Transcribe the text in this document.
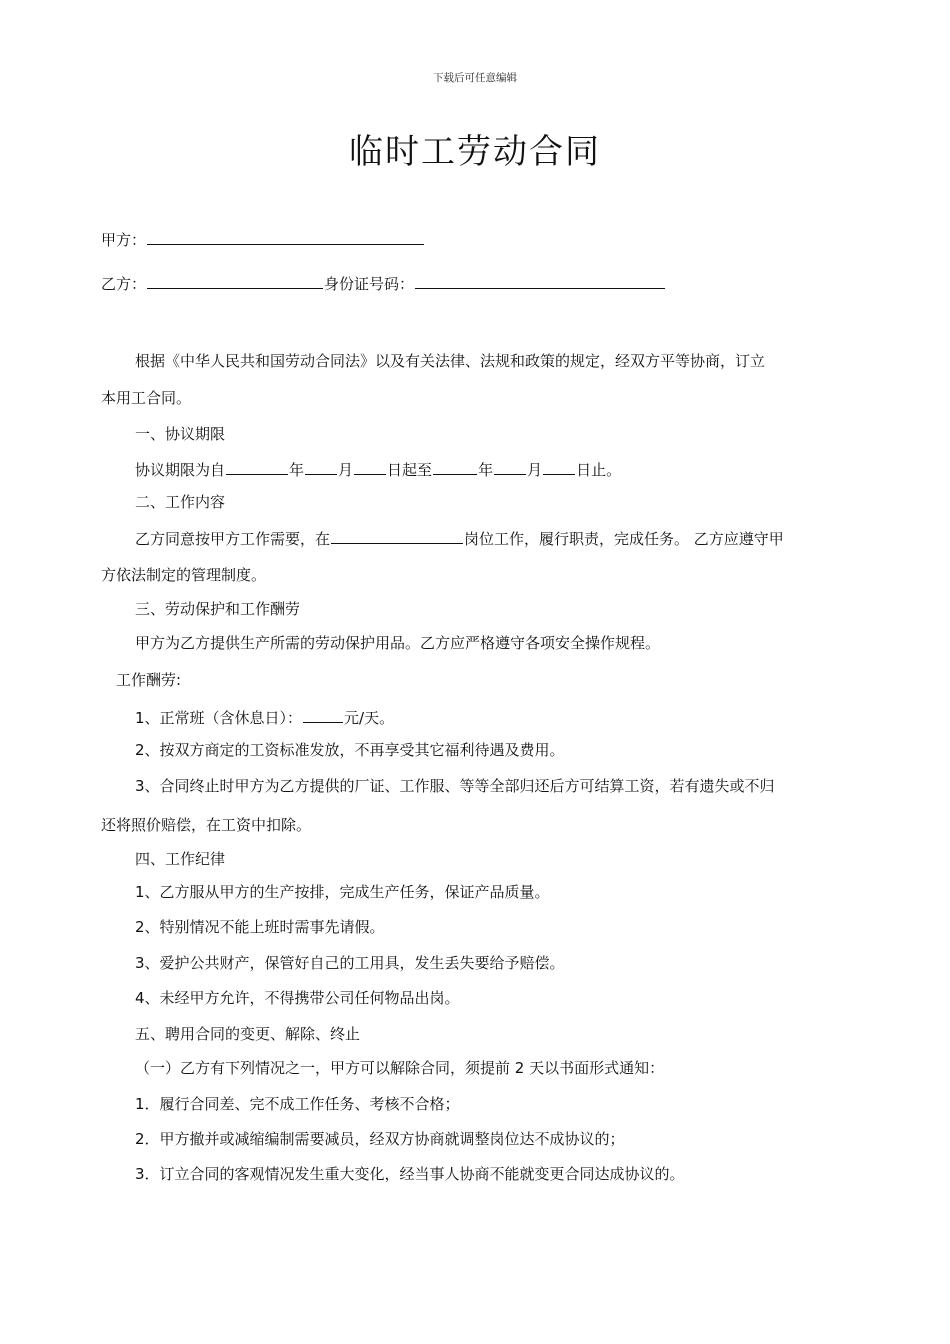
下载后可任意编辑
临时工劳动合同
甲方：
乙方：	身份证号码：
根据《中华人民共和国劳动合同法》以及有关法律、法规和政策的规定，经双方平等协商，订立
本用工合同。
一、协议期限
协议期限为自	年 月 日起至	年 月 日止。
二、工作内容
乙方同意按甲方工作需要，在	岗位工作，履行职责，完成任务。 乙方应遵守甲
方依法制定的管理制度。
三、劳动保护和工作酬劳
甲方为乙方提供生产所需的劳动保护用品。乙方应严格遵守各项安全操作规程。
工作酬劳:
1、正常班（含休息日）：	元/天。
2、按双方商定的工资标准发放，不再享受其它福利待遇及费用。
3、合同终止时甲方为乙方提供的厂证、工作服、等等全部归还后方可结算工资，若有遗失或不归
还将照价赔偿，在工资中扣除。
四、工作纪律
1、乙方服从甲方的生产按排，完成生产任务，保证产品质量。
2、特别情况不能上班时需事先请假。
3、爱护公共财产，保管好自己的工用具，发生丢失要给予赔偿。
4、未经甲方允许，不得携带公司任何物品出岗。
五、聘用合同的变更、解除、终止
（一）乙方有下列情况之一，甲方可以解除合同，须提前 2 天以书面形式通知：
1．履行合同差、完不成工作任务、考核不合格；
2．甲方撤并或减缩编制需要减员，经双方协商就调整岗位达不成协议的；
3．订立合同的客观情况发生重大变化，经当事人协商不能就变更合同达成协议的。
